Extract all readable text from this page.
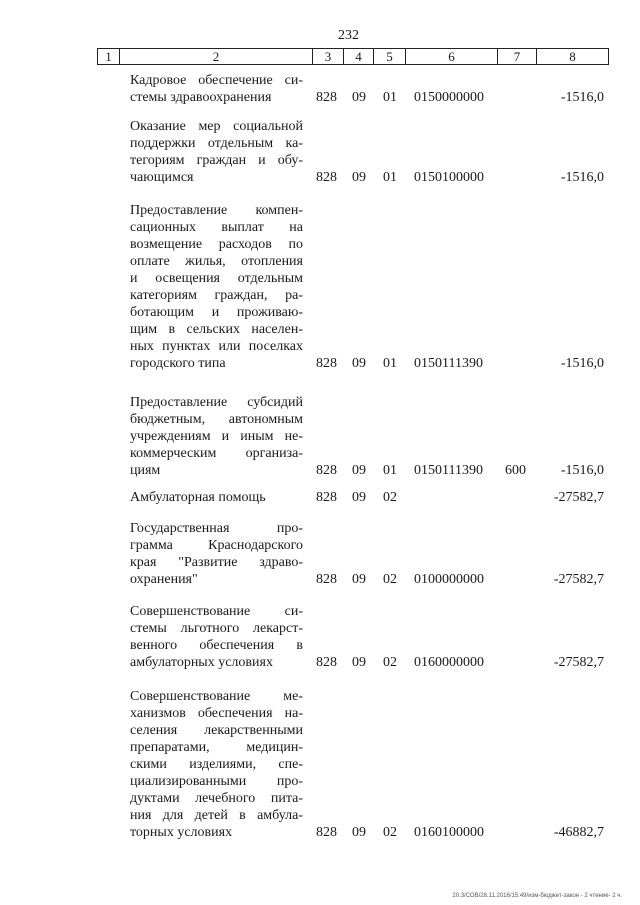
232
1	2	3	4	5	6	7	8
Кадровое обеспечение си-
стемы здравоохранения	828 09 01 0150000000	-1516,0
Оказание мер социальной
поддержки отдельным ка-
тегориям граждан и обу-
чающимся	828 09 01 0150100000	-1516,0
Предоставление компен-
сационных выплат на
возмещение расходов по
оплате жилья, отопления
и освещения отдельным
категориям граждан, ра-
ботающим и проживаю-
щим в сельских населен-
ных пунктах или поселках
городского типа	828 09 01 0150111390	-1516,0
Предоставление субсидий
бюджетным, автономным
учреждениям и иным не-
коммерческим организа-
циям	828 09 01 0150111390 600 -1516,0
Амбулаторная помощь	828 09 02	-27582,7
Государственная про-
грамма Краснодарского
края "Развитие здраво-
охранения"	828 09 02 0100000000	-27582,7
Совершенствование си-
стемы льготного лекарст-
венного обеспечения в
амбулаторных условиях	828 09 02 0160000000	-27582,7
Совершенствование ме-
ханизмов обеспечения на-
селения лекарственными
препаратами, медицин-
скими изделиями, спе-
циализированными про-
дуктами лечебного пита-
ния для детей в амбула-
торных условиях	828 09 02 0160100000	-46882,7
20.3/СОВ/28.11.2016/15:49/изм-бюджет-закон - 2 чтение- 2 ч.
